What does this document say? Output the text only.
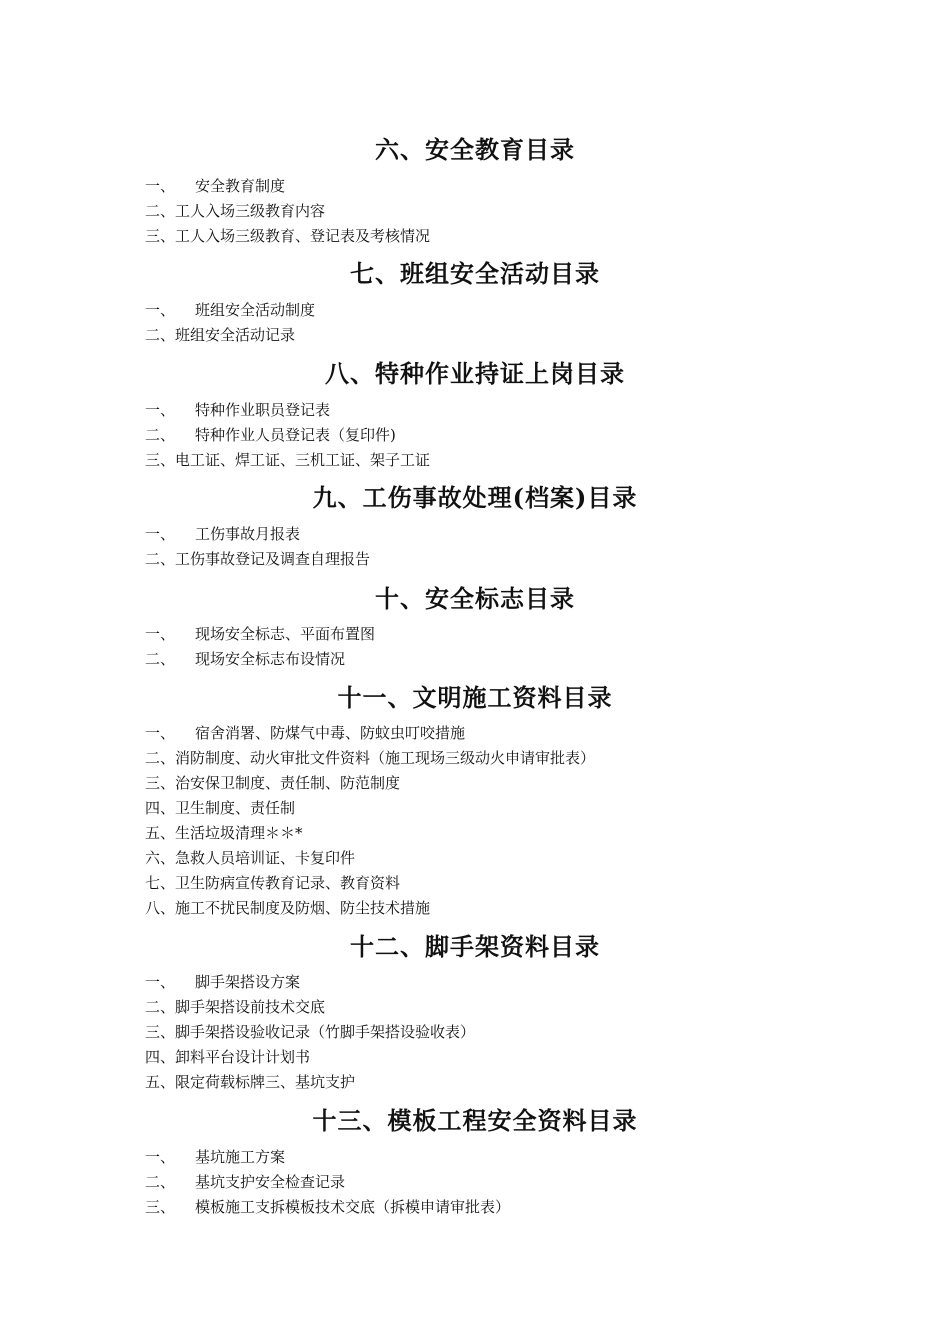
六、安全教育目录

一、 安全教育制度

二、工人入场三级教育内容

三、工人入场三级教育、登记表及考核情况

七、班组安全活动目录

一、 班组安全活动制度

二、班组安全活动记录

八、特种作业持证上岗目录

一、 特种作业职员登记表

二、 特种作业人员登记表（复印件)

三、电工证、焊工证、三机工证、架子工证

九、工伤事故处理(档案)目录

一、 工伤事故月报表

二、工伤事故登记及调查自理报告

十、安全标志目录

一、 现场安全标志、平面布置图

二、 现场安全标志布设情况

十一、文明施工资料目录

一、 宿舍消署、防煤气中毒、防蚊虫叮咬措施

二、消防制度、动火审批文件资料（施工现场三级动火申请审批表）

三、治安保卫制度、责任制、防范制度

四、卫生制度、责任制

五、生活垃圾清理＊＊*

六、急救人员培训证、卡复印件

七、卫生防病宣传教育记录、教育资料

八、施工不扰民制度及防烟、防尘技术措施

十二、脚手架资料目录

一、 脚手架搭设方案

二、脚手架搭设前技术交底

三、脚手架搭设验收记录（竹脚手架搭设验收表）

四、卸料平台设计计划书

五、限定荷载标牌三、基坑支护

十三、模板工程安全资料目录

一、 基坑施工方案

二、 基坑支护安全检查记录

三、 模板施工支拆模板技术交底（拆模申请审批表）
